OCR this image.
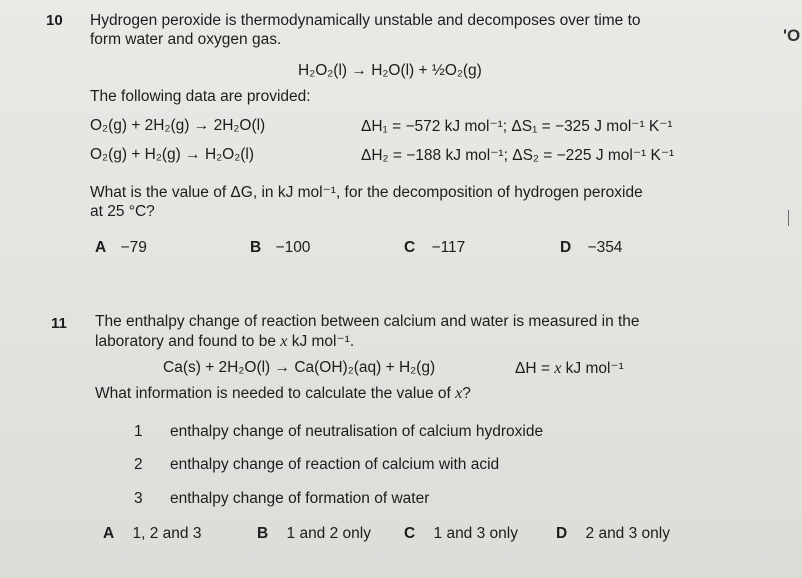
10 Hydrogen peroxide is thermodynamically unstable and decomposes over time to
form water and oxygen gas.
H₂O₂(l) → H₂O(l) + ½O₂(g)
The following data are provided:
O₂(g) + 2H₂(g) → 2H₂O(l)	ΔH₁ = −572 kJ mol⁻¹; ΔS₁ = −325 J mol⁻¹ K⁻¹
O₂(g) + H₂(g) → H₂O₂(l)	ΔH₂ = −188 kJ mol⁻¹; ΔS₂ = −225 J mol⁻¹ K⁻¹
What is the value of ΔG, in kJ mol⁻¹, for the decomposition of hydrogen peroxide
at 25 °C?
A −79	B −100	C −117	D −354
11 The enthalpy change of reaction between calcium and water is measured in the
laboratory and found to be x kJ mol⁻¹.
Ca(s) + 2H₂O(l) → Ca(OH)₂(aq) + H₂(g)	ΔH = x kJ mol⁻¹
What information is needed to calculate the value of x?
1 enthalpy change of neutralisation of calcium hydroxide
2 enthalpy change of reaction of calcium with acid
3 enthalpy change of formation of water
A 1, 2 and 3	B 1 and 2 only C 1 and 3 only D 2 and 3 only
'O
